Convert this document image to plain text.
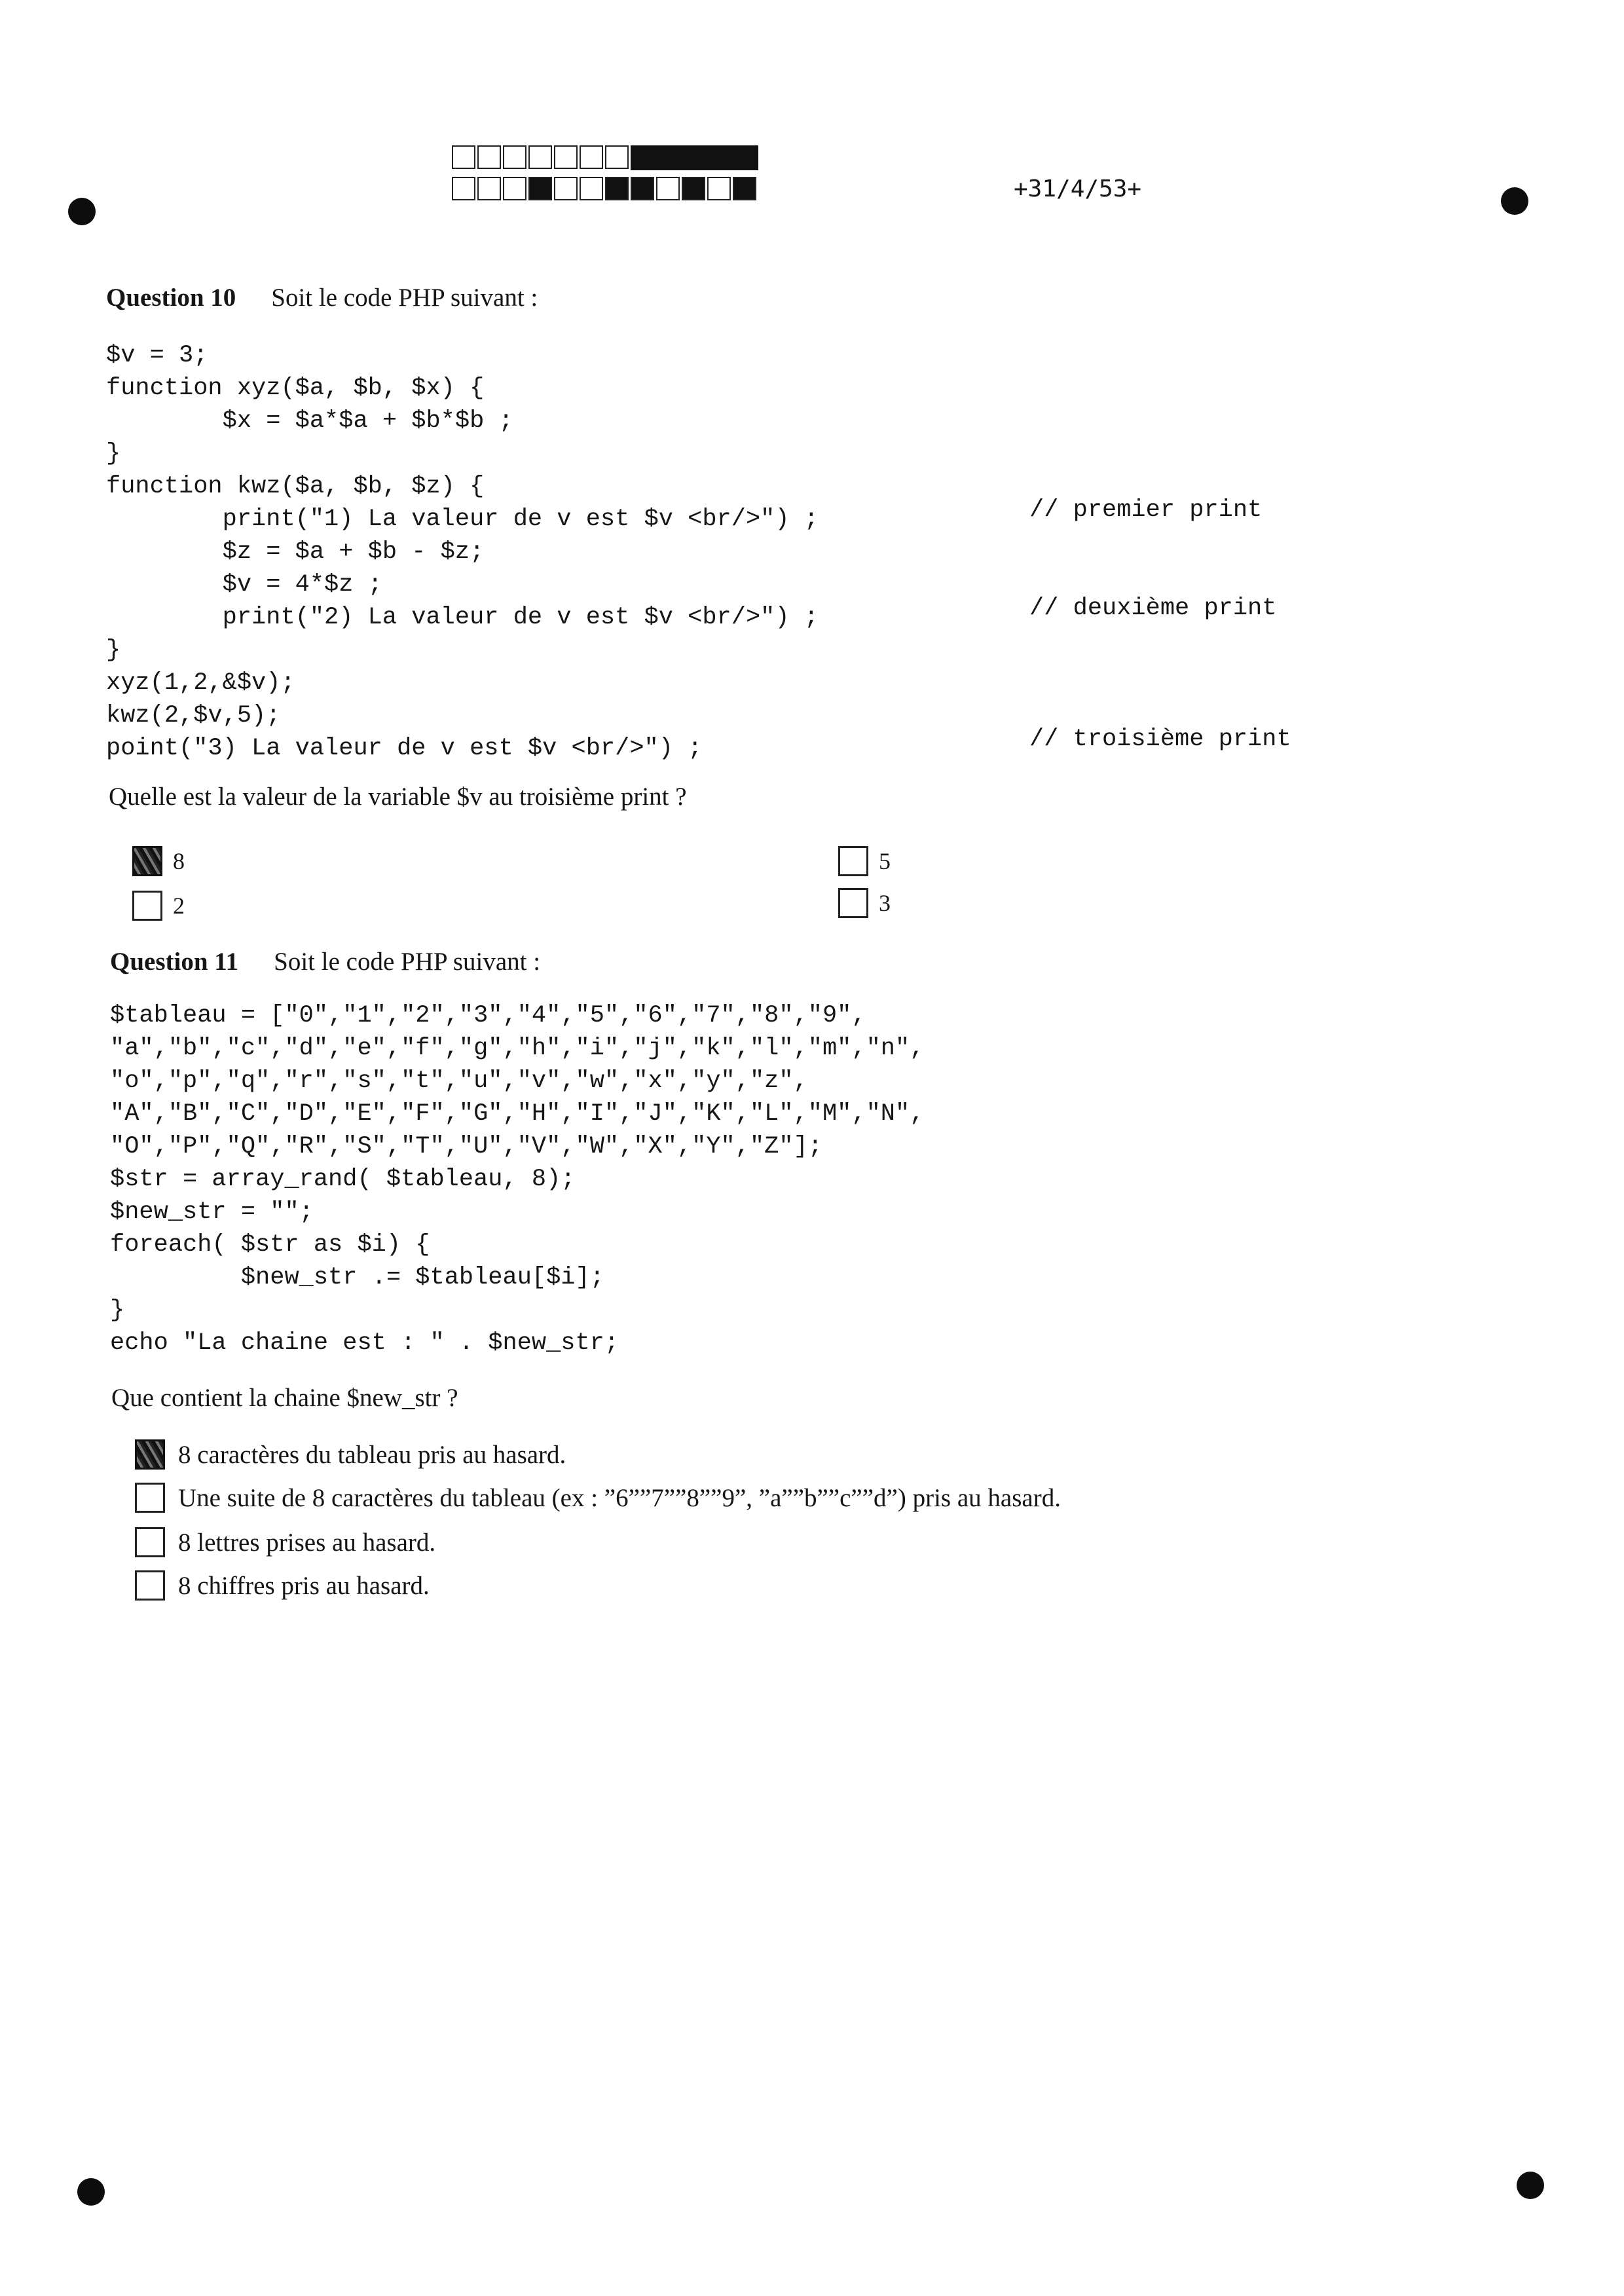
+31/4/53+
Question 10 Soit le code PHP suivant :
$v = 3;
function xyz($a, $b, $x) {
$x = $a*$a + $b*$b ;
}
function kwz($a, $b, $z) {
print("1) La valeur de v est $v <br/>") ;
$z = $a + $b - $z;
$v = 4*$z ;
print("2) La valeur de v est $v <br/>") ;
}
xyz(1,2,&$v);
kwz(2,$v,5);
point("3) La valeur de v est $v <br/>") ;
// premier print
// deuxième print
// troisième print
Quelle est la valeur de la variable $v au troisième print ?
8
2
5
3
Question 11 Soit le code PHP suivant :
$tableau = ["0","1","2","3","4","5","6","7","8","9",
"a","b","c","d","e","f","g","h","i","j","k","l","m","n",
"o","p","q","r","s","t","u","v","w","x","y","z",
"A","B","C","D","E","F","G","H","I","J","K","L","M","N",
"O","P","Q","R","S","T","U","V","W","X","Y","Z"];
$str = array_rand( $tableau, 8);
$new_str = "";
foreach( $str as $i) {
$new_str .= $tableau[$i];
}
echo "La chaine est : " . $new_str;
Que contient la chaine $new_str ?
8 caractères du tableau pris au hasard.
Une suite de 8 caractères du tableau (ex : ”6””7””8””9”, ”a””b””c””d”) pris au hasard.
8 lettres prises au hasard.
8 chiffres pris au hasard.
